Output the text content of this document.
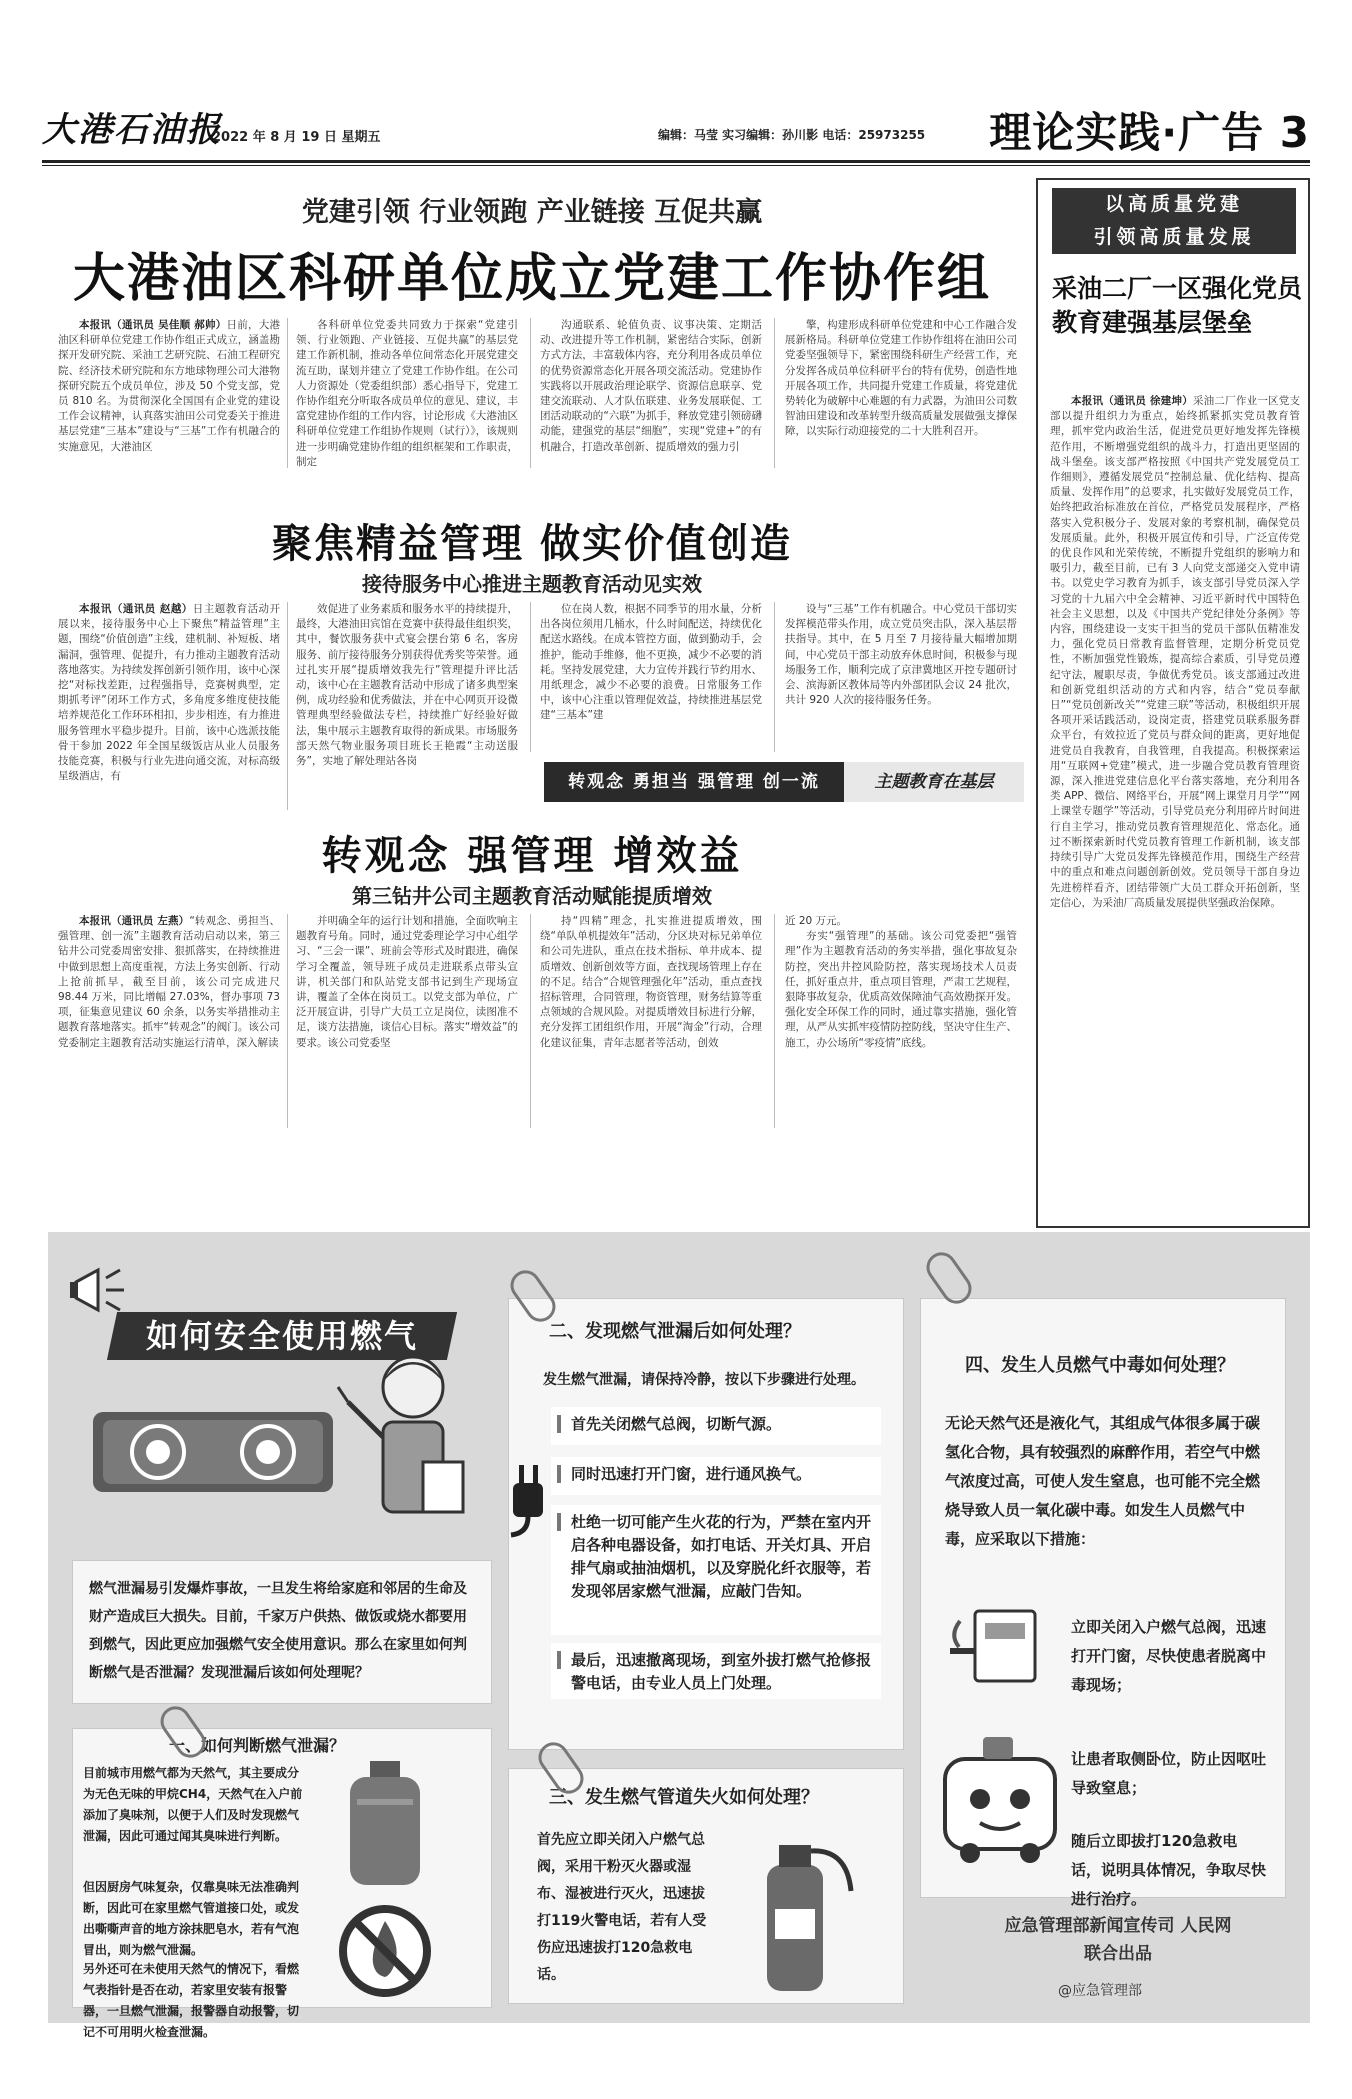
大港石油报
2022 年 8 月 19 日 星期五	编辑：马莹 实习编辑：孙川影 电话：25973255 理论实践·广告 3
党建引领 行业领跑 产业链接 互促共赢
大港油区科研单位成立党建工作协作组

本报讯（通讯员 吴佳顺 郝帅）日前，大港油区科研单位党建工作协作组正式成立，涵盖勘探开发研究院、采油工艺研究院、石油工程研究院、经济技术研究院和东方地球物理公司大港物探研究院五个成员单位，涉及 50 个党支部，党员 810 名。为贯彻深化全国国有企业党的建设工作会议精神，认真落实油田公司党委关于推进基层党建“三基本”建设与“三基”工作有机融合的实施意见，大港油区

各科研单位党委共同致力于探索“党建引领、行业领跑、产业链接、互促共赢”的基层党建工作新机制，推动各单位间常态化开展党建交流互助，谋划并建立了党建工作协作组。在公司人力资源处（党委组织部）悉心指导下，党建工作协作组充分听取各成员单位的意见、建议，丰富党建协作组的工作内容，讨论形成《大港油区科研单位党建工作组协作规则（试行）》，该规则进一步明确党建协作组的组织框架和工作职责，制定

沟通联系、轮值负责、议事决策、定期活动、改进提升等工作机制，紧密结合实际，创新方式方法，丰富载体内容，充分利用各成员单位的优势资源常态化开展各项交流活动。党建协作实践将以开展政治理论联学、资源信息联享、党建交流联动、人才队伍联建、业务发展联促、工团活动联动的“六联”为抓手，释放党建引领磅礴动能，建强党的基层“细胞”，实现“党建+”的有机融合，打造改革创新、提质增效的强力引

擎，构建形成科研单位党建和中心工作融合发展新格局。科研单位党建工作协作组将在油田公司党委坚强领导下，紧密围绕科研生产经营工作，充分发挥各成员单位科研平台的特有优势，创造性地开展各项工作，共同提升党建工作质量，将党建优势转化为破解中心难题的有力武器，为油田公司数智油田建设和改革转型升级高质量发展做强支撑保障，以实际行动迎接党的二十大胜利召开。

聚焦精益管理 做实价值创造
接待服务中心推进主题教育活动见实效

本报讯（通讯员 赵越）日主题教育活动开展以来，接待服务中心上下聚焦“精益管理”主题，围绕“价值创造”主线，建机制、补短板、堵漏洞，强管理、促提升，有力推动主题教育活动落地落实。为持续发挥创新引领作用，该中心深挖“对标找差距，过程强指导，竞赛树典型，定期抓考评”闭环工作方式，多角度多维度使技能培养规范化工作环环相扣，步步相连，有力推进服务管理水平稳步提升。目前，该中心选派技能骨干参加 2022 年全国星级饭店从业人员服务技能竞赛，积极与行业先进向通交流，对标高级星级酒店，有

效促进了业务素质和服务水平的持续提升，最终，大港油田宾馆在竞赛中获得最佳组织奖，其中，餐饮服务获中式宴会摆台第 6 名，客房服务、前厅接待服务分别获得优秀奖等荣誉。通过扎实开展“提质增效我先行”管理提升评比活动，该中心在主题教育活动中形成了诸多典型案例，成功经验和优秀做法，并在中心网页开设微管理典型经验做法专栏，持续推广好经验好做法，集中展示主题教育取得的新成果。市场服务部天然气物业服务项目班长王艳霞“主动送服务”，实地了解处理站各岗

位在岗人数，根据不同季节的用水量，分析出各岗位须用几桶水，什么时间配送，持续优化配送水路线。在成本管控方面，做到勤动手，会推护，能动手维修，他不更换，减少不必要的消耗。坚持发展党建，大力宣传并践行节约用水、用纸理念，减少不必要的浪费。日常服务工作中，该中心注重以管理促效益，持续推进基层党建“三基本”建

设与“三基”工作有机融合。中心党员干部切实发挥模范带头作用，成立党员突击队，深入基层帮扶指导。其中，在 5 月至 7 月接待量大幅增加期间，中心党员干部主动放弃休息时间，积极参与现场服务工作，顺利完成了京津冀地区开控专题研讨会、滨海新区教体局等内外部团队会议 24 批次，共计 920 人次的接待服务任务。

转观念 勇担当 强管理 创一流	主题教育在基层
转观念 强管理 增效益
第三钻井公司主题教育活动赋能提质增效

本报讯（通讯员 左燕）“转观念、勇担当、强管理、创一流”主题教育活动启动以来，第三钻井公司党委周密安排、狠抓落实，在持续推进中做到思想上高度重视，方法上务实创新、行动上抢前抓早，截至目前，该公司完成进尺 98.44 万米，同比增幅 27.03%，督办事项 73 项，征集意见建议 60 余条，以务实举措推动主题教育落地落实。抓牢“转观念”的阀门。该公司党委制定主题教育活动实施运行清单，深入解读

并明确全年的运行计划和措施，全面吹响主题教育号角。同时，通过党委理论学习中心组学习、“三会一课”、班前会等形式及时跟进，确保学习全覆盖，领导班子成员走进联系点带头宣讲，机关部门和队站党支部书记到生产现场宣讲，覆盖了全体在岗员工。以党支部为单位，广泛开展宣讲，引导广大员工立足岗位，读图准不足，谈方法措施，谈信心目标。落实“增效益”的要求。该公司党委坚

持“四精”理念，扎实推进提质增效，围绕“单队单机提效年”活动，分区块对标兄弟单位和公司先进队，重点在技术指标、单井成本、提质增效、创新创效等方面，查找现场管理上存在的不足。结合“合规管理强化年”活动，重点查找招标管理，合同管理，物资管理，财务结算等重点领域的合规风险。对提质增效目标进行分解，充分发挥工团组织作用，开展“淘金”行动，合理化建议征集，青年志愿者等活动，创效

近 20 万元。

夯实“强管理”的基础。该公司党委把“强管理”作为主题教育活动的务实举措，强化事故复杂防控，突出井控风险防控，落实现场技术人员责任，抓好重点井，重点项目管理，严肃工艺规程，狠降事故复杂，优质高效保障油气高效勘探开发。强化安全环保工作的同时，通过靠实措施，强化管理，从严从实抓牢疫情防控防线，坚决守住生产、施工，办公场所“零疫情”底线。

以高质量党建
引领高质量发展
采油二厂一区强化党员教育建强基层堡垒

本报讯（通讯员 徐建坤）采油二厂作业一区党支部以提升组织力为重点，始终抓紧抓实党员教育管理，抓牢党内政治生活，促进党员更好地发挥先锋模范作用，不断增强党组织的战斗力，打造出更坚固的战斗堡垒。该支部严格按照《中国共产党发展党员工作细则》，遵循发展党员“控制总量、优化结构、提高质量、发挥作用”的总要求，扎实做好发展党员工作，始终把政治标准放在首位，严格党员发展程序，严格落实入党积极分子、发展对象的考察机制，确保党员发展质量。此外，积极开展宣传和引导，广泛宣传党的优良作风和光荣传统，不断提升党组织的影响力和吸引力，截至目前，已有 3 人向党支部递交入党申请书。以党史学习教育为抓手，该支部引导党员深入学习党的十九届六中全会精神、习近平新时代中国特色社会主义思想，以及《中国共产党纪律处分条例》等内容，围绕建设一支实干担当的党员干部队伍精准发力，强化党员日常教育监督管理，定期分析党员党性，不断加强党性锻炼，提高综合素质，引导党员遵纪守法，履职尽责，争做优秀党员。该支部通过改进和创新党组织活动的方式和内容，结合“党员奉献日”“党员创新改关”“党建三联”等活动，积极组织开展各项开采话践活动，设岗定责，搭建党员联系服务群众平台，有效拉近了党员与群众间的距离，更好地促进党员自我教育，自我管理，自我提高。积极探索运用“互联网+党建”模式，进一步融合党员教育管理资源，深入推进党建信息化平台落实落地，充分利用各类 APP、微信、网络平台，开展“网上课堂月月学”“网上课堂专题学”等活动，引导党员充分利用碎片时间进行自主学习，推动党员教育管理规范化、常态化。通过不断探索新时代党员教育管理工作新机制，该支部持续引导广大党员发挥先锋模范作用，围绕生产经营中的重点和难点问题创新创效。党员领导干部自身边先进榜样看齐，团结带领广大员工群众开拓创新，坚定信心，为采油厂高质量发展提供坚强政治保障。

如何安全使用燃气
燃气泄漏易引发爆炸事故，一旦发生将给家庭和邻居的生命及财产造成巨大损失。目前，千家万户供热、做饭或烧水都要用到燃气，因此更应加强燃气安全使用意识。那么在家里如何判断燃气是否泄漏？发现泄漏后该如何处理呢？
一、如何判断燃气泄漏？
目前城市用燃气都为天然气，其主要成分为无色无味的甲烷CH4，天然气在入户前添加了臭味剂，以便于人们及时发现燃气泄漏，因此可通过闻其臭味进行判断。
但因厨房气味复杂，仅靠臭味无法准确判断，因此可在家里燃气管道接口处，或发出嘶嘶声音的地方涂抹肥皂水，若有气泡冒出，则为燃气泄漏。
另外还可在未使用天然气的情况下，看燃气表指针是否在动，若家里安装有报警器，一旦燃气泄漏，报警器自动报警，切记不可用明火检查泄漏。
二、发现燃气泄漏后如何处理？
发生燃气泄漏，请保持冷静，按以下步骤进行处理。
首先关闭燃气总阀，切断气源。
同时迅速打开门窗，进行通风换气。
杜绝一切可能产生火花的行为，严禁在室内开启各种电器设备，如打电话、开关灯具、开启排气扇或抽油烟机，以及穿脱化纤衣服等，若发现邻居家燃气泄漏，应敲门告知。
最后，迅速撤离现场，到室外拔打燃气抢修报警电话，由专业人员上门处理。
三、发生燃气管道失火如何处理？
首先应立即关闭入户燃气总阀，采用干粉灭火器或湿布、湿被进行灭火，迅速拔打119火警电话，若有人受伤应迅速拔打120急救电话。
四、发生人员燃气中毒如何处理？
无论天然气还是液化气，其组成气体很多属于碳氢化合物，具有较强烈的麻醉作用，若空气中燃气浓度过高，可使人发生窒息，也可能不完全燃烧导致人员一氧化碳中毒。如发生人员燃气中毒，应采取以下措施：
立即关闭入户燃气总阀，迅速打开门窗，尽快使患者脱离中毒现场；
让患者取侧卧位，防止因呕吐导致窒息；
随后立即拔打120急救电话，说明具体情况，争取尽快进行治疗。
应急管理部新闻宣传司 人民网
联合出品
@应急管理部
